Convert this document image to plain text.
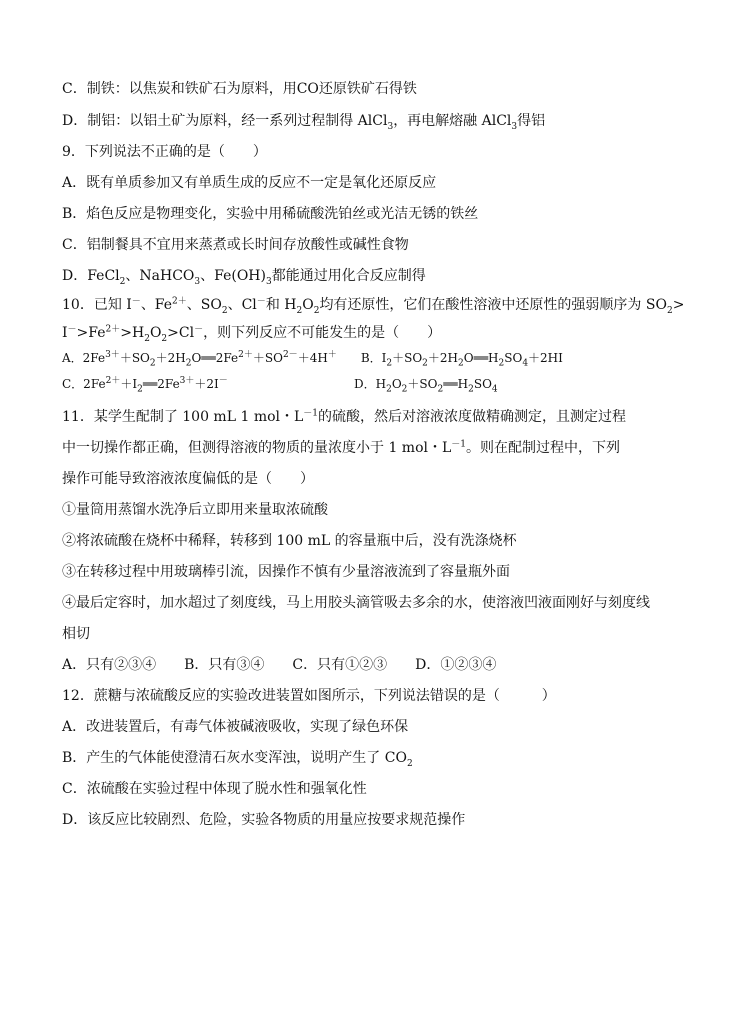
C．制铁：以焦炭和铁矿石为原料，用CO还原铁矿石得铁
D．制铝：以铝土矿为原料，经一系列过程制得 AlCl$_3$，再电解熔融 AlCl$_3$得铝
9．下列说法不正确的是（　　）
A．既有单质参加又有单质生成的反应不一定是氧化还原反应
B．焰色反应是物理变化，实验中用稀硫酸洗铂丝或光洁无锈的铁丝
C．铝制餐具不宜用来蒸煮或长时间存放酸性或碱性食物
D．FeCl$_2$、NaHCO$_3$、$Fe(OH)_3$都能通过用化合反应制得
10．已知 I－、$Fe^{2+}$、$SO_2$、Cl－和 $H_2O_2$均有还原性，它们在酸性溶液中还原性的强弱顺序为 $SO_2>$
$I^->Fe^{2+}>H_2O_2>Cl^-$，则下列反应不可能发生的是（　　）
A．$2Fe^{3+}+SO_2+2H_2O══2Fe^{2+}+SO^{2-}+4H^+$　　B．$I_2+SO_2+2H_2O══H_2SO_4+2HI$
C．$2Fe^{2+}+I_2══2Fe^{3+}+2I^-$	　　　　　　D．$H_2O_2+SO_2══H_2SO_4$
11．某学生配制了 100 mL 1 mol・$L^{-1}$的硫酸，然后对溶液浓度做精确测定，且测定过程
中一切操作都正确，但测得溶液的物质的量浓度小于 1 mol・$L^{-1}$。则在配制过程中，下列
操作可能导致溶液浓度偏低的是（　　）
①量筒用蒸馏水洗净后立即用来量取浓硫酸
②将浓硫酸在烧杯中稀释，转移到 100 mL 的容量瓶中后，没有洗涤烧杯
③在转移过程中用玻璃棒引流，因操作不慎有少量溶液流到了容量瓶外面
④最后定容时，加水超过了刻度线，马上用胶头滴管吸去多余的水，使溶液凹液面刚好与刻度线
相切
A．只有②③④　　B．只有③④　　C．只有①②③　　D．①②③④
12．蔗糖与浓硫酸反应的实验改进装置如图所示，下列说法错误的是（　　　）
A．改进装置后，有毒气体被碱液吸收，实现了绿色环保
B．产生的气体能使澄清石灰水变浑浊，说明产生了 $CO_2$
C．浓硫酸在实验过程中体现了脱水性和强氧化性
D．该反应比较剧烈、危险，实验各物质的用量应按要求规范操作
